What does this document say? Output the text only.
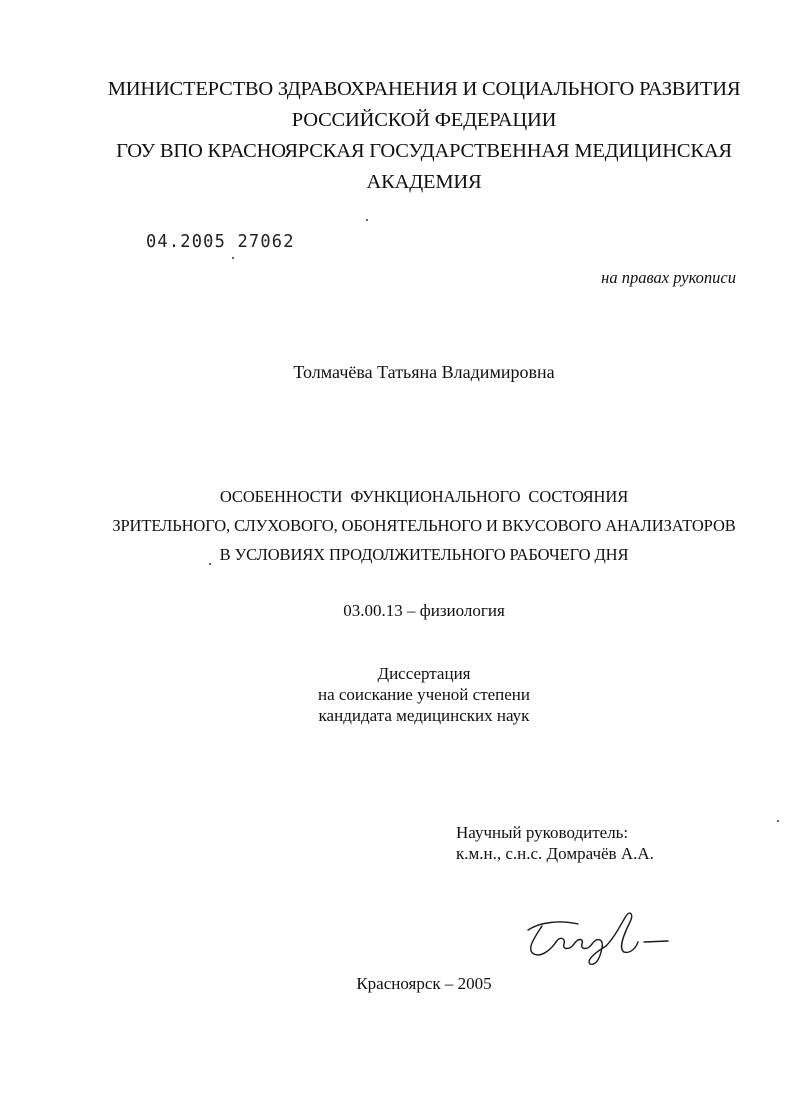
МИНИСТЕРСТВО ЗДРАВОХРАНЕНИЯ И СОЦИАЛЬНОГО РАЗВИТИЯ
РОССИЙСКОЙ ФЕДЕРАЦИИ
ГОУ ВПО КРАСНОЯРСКАЯ ГОСУДАРСТВЕННАЯ МЕДИЦИНСКАЯ
АКАДЕМИЯ
04.2005 27062
на правах рукописи
Толмачёва Татьяна Владимировна
ОСОБЕННОСТИ  ФУНКЦИОНАЛЬНОГО  СОСТОЯНИЯ
ЗРИТЕЛЬНОГО, СЛУХОВОГО, ОБОНЯТЕЛЬНОГО И ВКУСОВОГО АНАЛИЗАТОРОВ
В УСЛОВИЯХ ПРОДОЛЖИТЕЛЬНОГО РАБОЧЕГО ДНЯ
03.00.13 – физиология
Диссертация
на соискание ученой степени
кандидата медицинских наук
Научный руководитель:
к.м.н., с.н.с. Домрачёв А.А.
Красноярск – 2005
